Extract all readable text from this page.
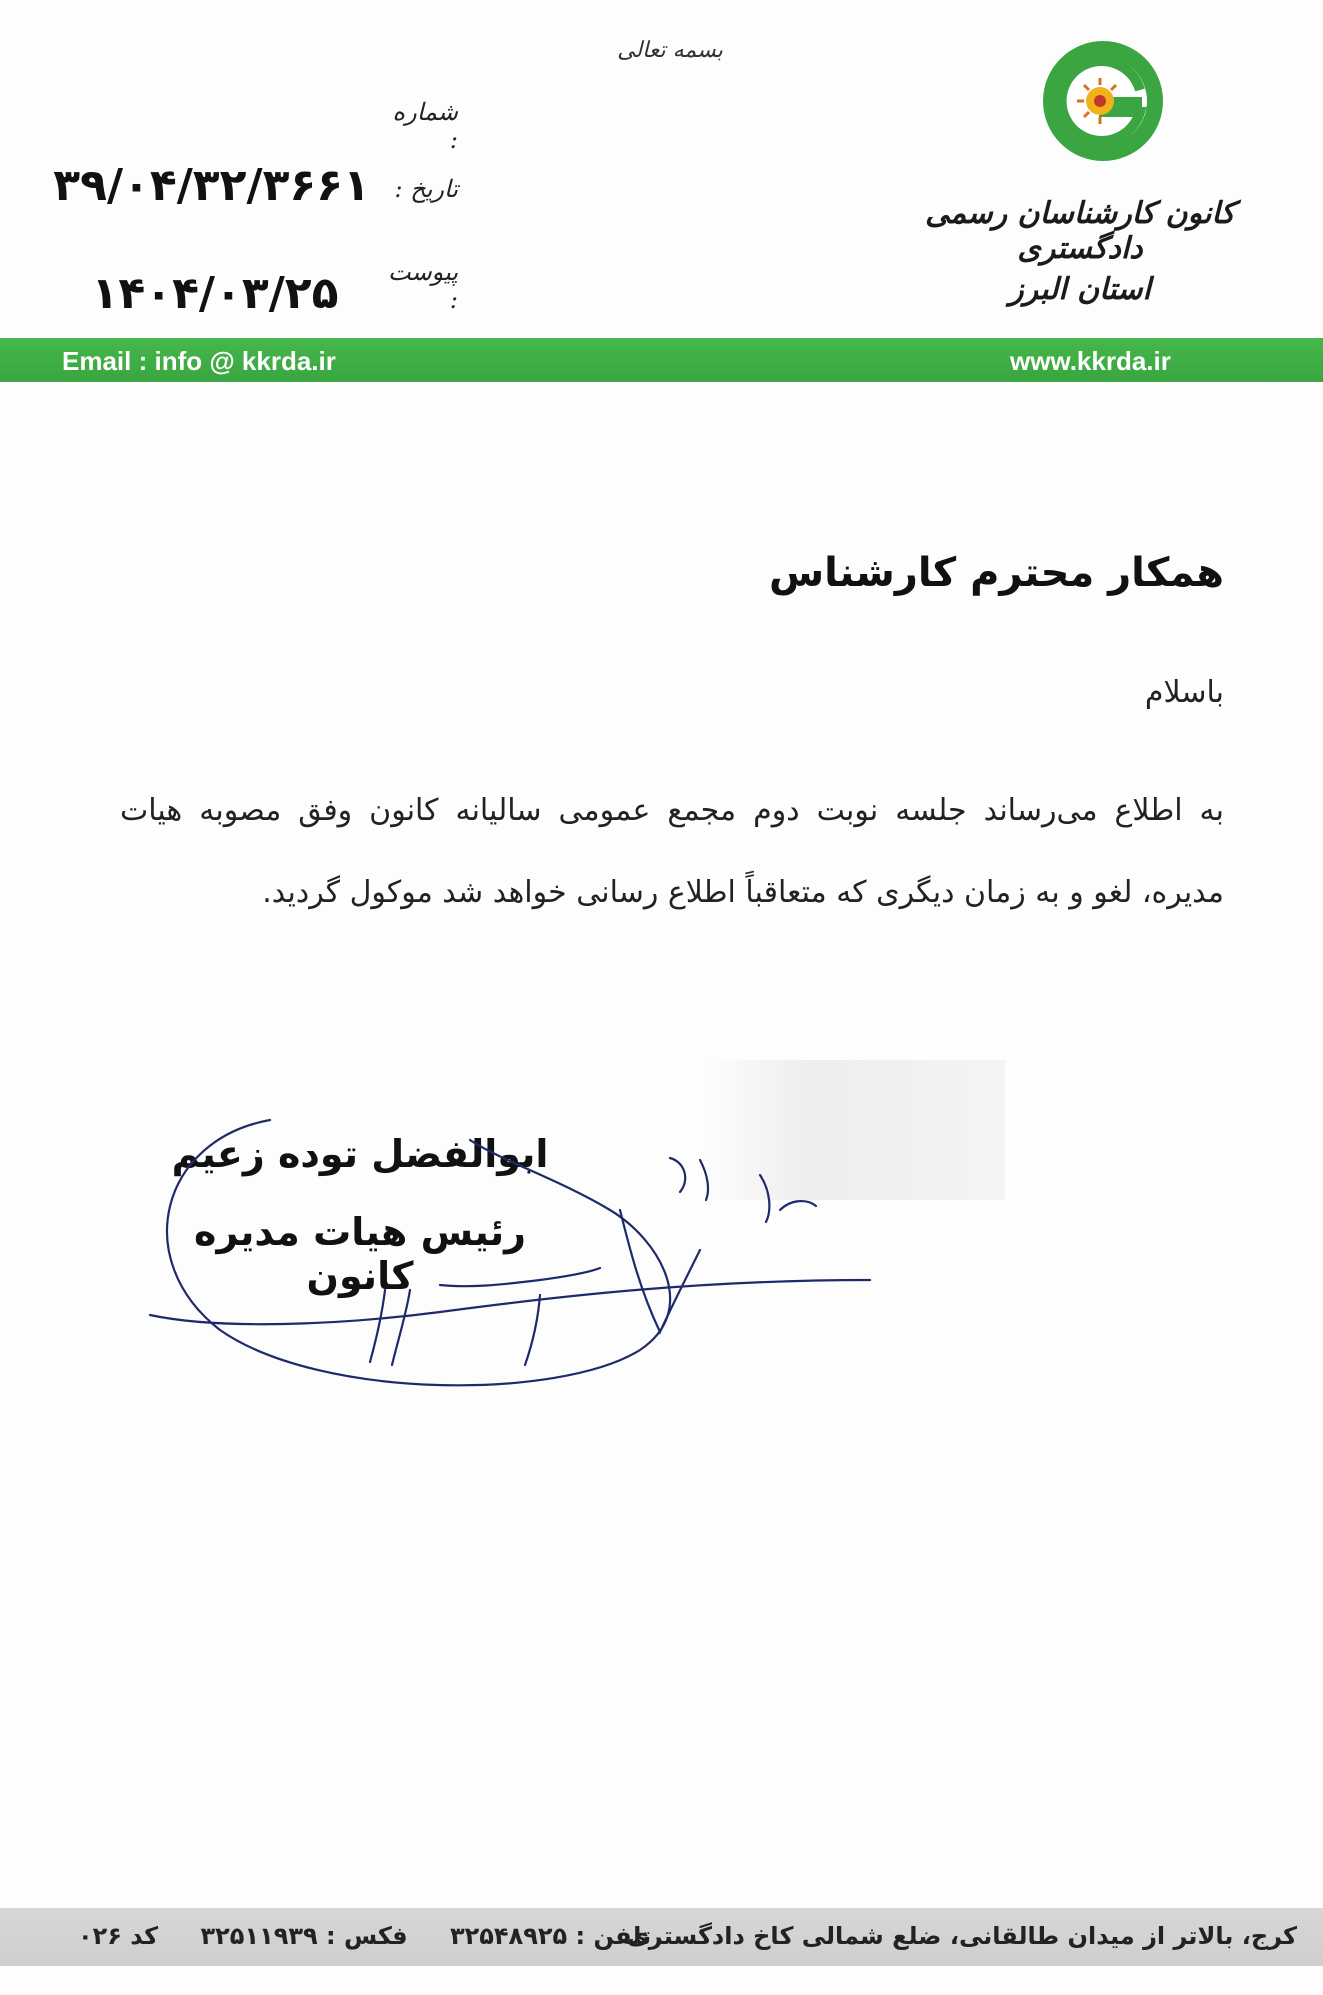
بسمه تعالی
کانون کارشناسان رسمی دادگستری
استان البرز
شماره :
تاریخ :
پیوست :
۳۹/۰۴/۳۲/۳۶۶۱
۱۴۰۴/۰۳/۲۵
Email : info @ kkrda.ir	www.kkrda.ir
همکار محترم کارشناس
باسلام
به اطلاع می‌رساند جلسه نوبت دوم مجمع عمومی سالیانه کانون وفق مصوبه هیات مدیره، لغو و به زمان دیگری که متعاقباً اطلاع رسانی خواهد شد موکول گردید.
ابوالفضل توده زعیم
رئیس هیات مدیره کانون
کرج، بالاتر از میدان طالقانی، ضلع شمالی کاخ دادگستری
تلفن : ۳۲۵۴۸۹۲۵ فکس : ۳۲۵۱۱۹۳۹ کد ۰۲۶
